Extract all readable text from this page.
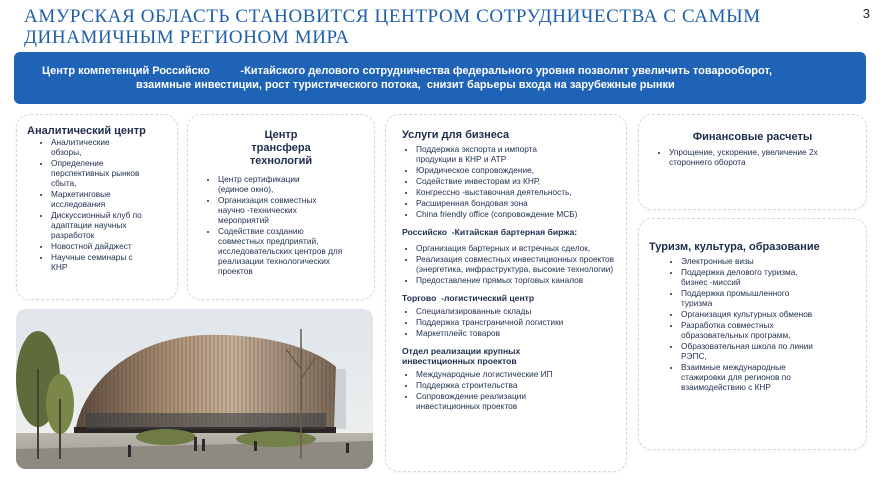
АМУРСКАЯ ОБЛАСТЬ СТАНОВИТСЯ ЦЕНТРОМ СОТРУДНИЧЕСТВА С САМЫМ ДИНАМИЧНЫМ РЕГИОНОМ МИРА
3
Центр компетенций Российско          -Китайского делового сотрудничества федерального уровня позволит увеличить товарооборот,
взаимные инвестиции, рост туристического потока,  снизит барьеры входа на зарубежные рынки
Аналитический центр
• Аналитические обзоры,
• Определение перспективных рынков сбыта,
• Маркетинговые исследования
• Дискуссионный клуб по адаптации научных разработок
• Новостной дайджест
• Научные семинары с КНР
Центр трансфера технологий
• Центр сертификации (единое окно),
• Организация совместных научно -технических мероприятий
• Содействие созданию совместных предприятий, исследовательских центров для реализации технологических проектов
Услуги для бизнеса
• Поддержка экспорта и импорта продукции в КНР и АТР
• Юридическое сопровождение,
• Содействие инвесторам из КНР,
• Конгрессно -выставочная деятельность,
• Расширенная бондовая зона
• China friendly office (сопровождение МСБ)
Российско  -Китайская бартерная биржа:
• Организация бартерных и встречных сделок,
• Реализация совместных инвестиционных проектов (энергетика, инфраструктура, высокие технологии)
• Предоставление прямых торговых каналов
Торгово  -логистический центр
• Специализированные склады
• Поддержка трансграничной логистики
• Маркетплейс товаров
Отдел реализации крупных инвестиционных проектов
• Международные логистические ИП
• Поддержка строительства
• Сопровождение реализации инвестиционных проектов
Финансовые расчеты
• Упрощение, ускорение, увеличение 2х стороннего оборота
Туризм, культура, образование
• Электронные визы
• Поддержка делового туризма, бизнес -миссий
• Поддержка промышленного туризма
• Организация культурных обменов
• Разработка совместных образовательных программ,
• Образовательная школа по линии РЭПС,
• Взаимные международные стажировки для регионов по взаимодействию с КНР
